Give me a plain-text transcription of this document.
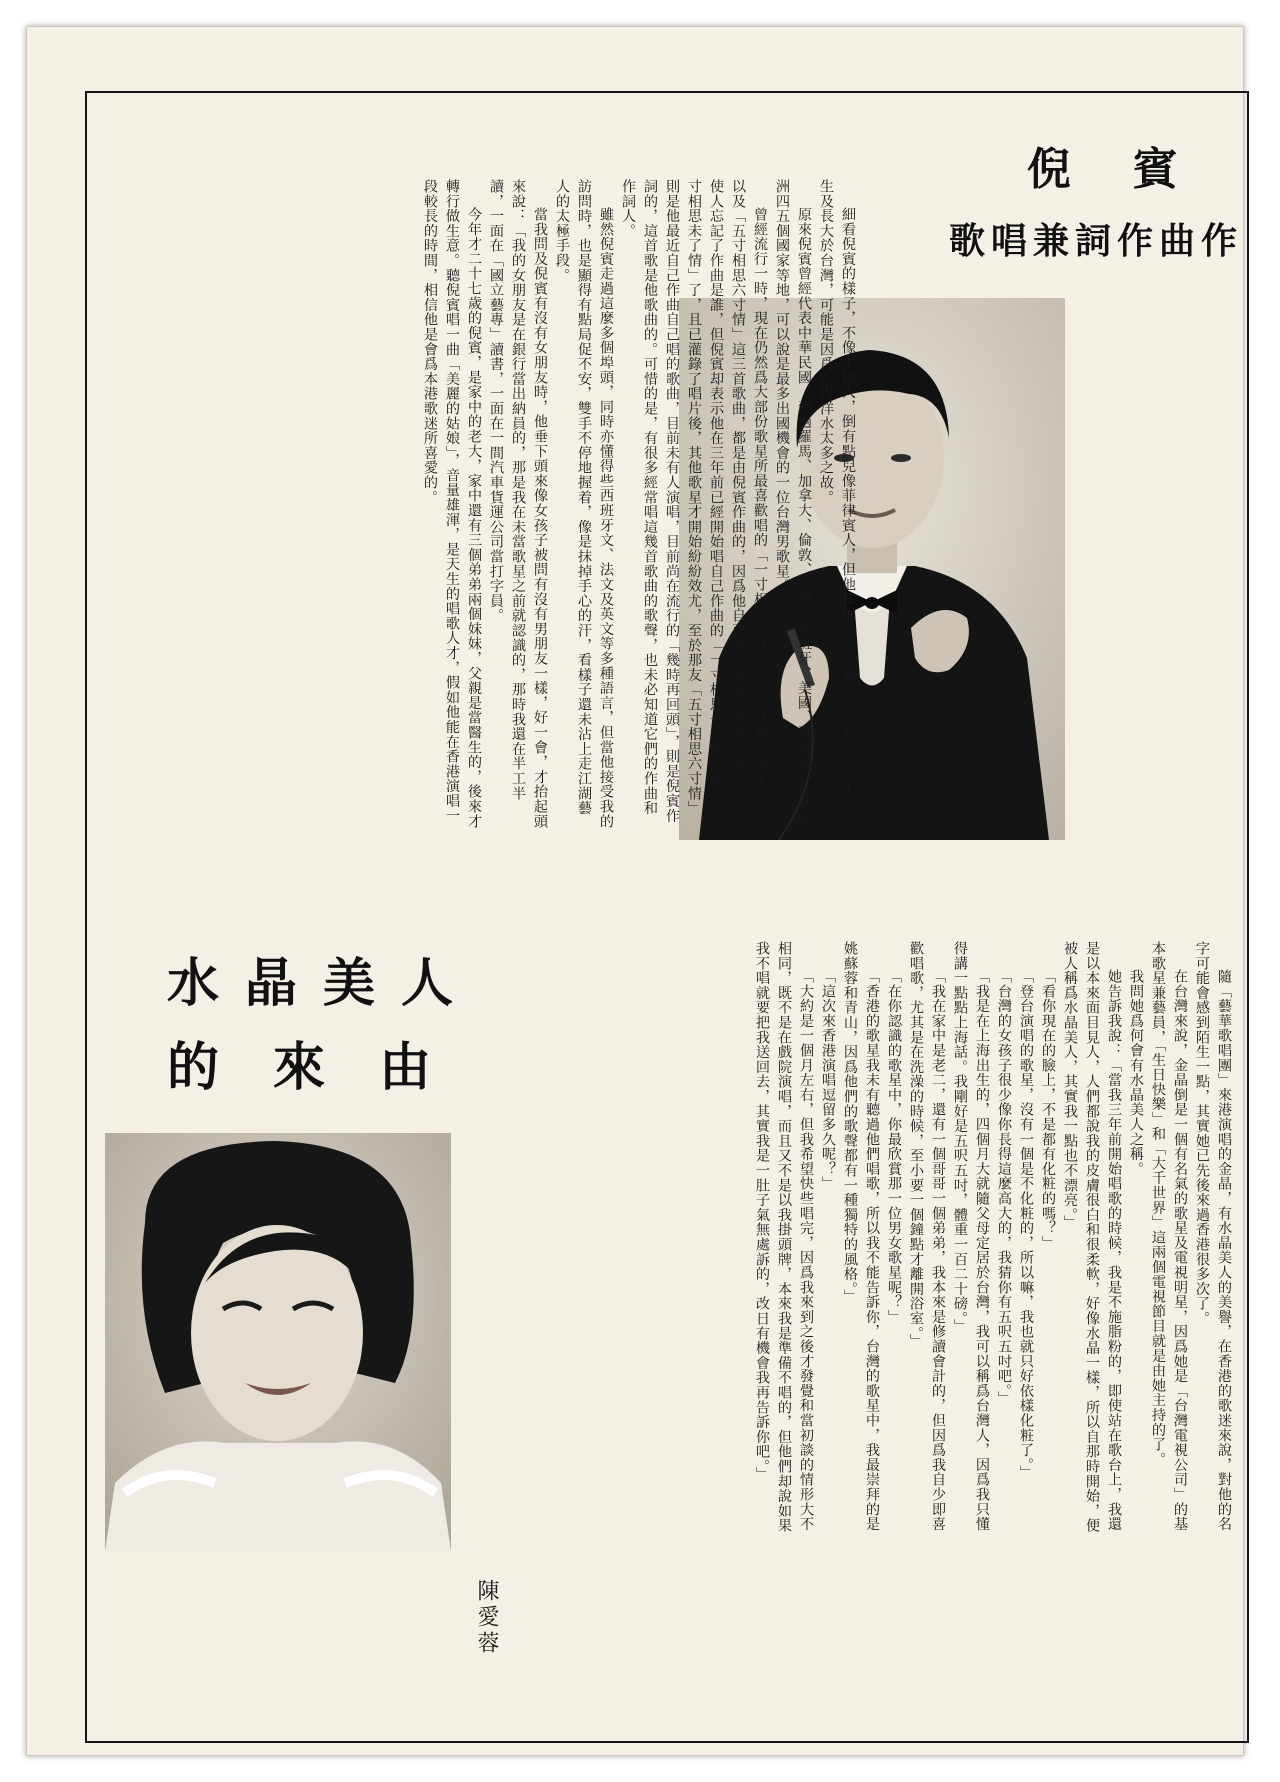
倪賓
歌唱兼詞作曲作

細看倪賓的樣子，不像中國人，倒有點兒像菲律賓人，但他却說自己是個不折不扣的高雄人，出生及長大於台灣，可能是因爲吃得洋水太多之故。

原來倪賓曾經代表中華民國，到過羅馬、加拿大、倫敦、法國、西班牙、美國、夏威夷，以及非洲四五個國家等地，可以說是最多出國機會的一位台灣男歌星。

曾經流行一時，現在仍然爲大部份歌星所最喜歡唱的「一寸相思一寸淚」、「一寸相思未了情」以及「五寸相思六寸情」這三首歌曲，都是由倪賓作曲的，因爲他自已甚少唱這些歌曲之故，以致使人忘記了作曲是誰，但倪賓却表示他在三年前已經開始唱自己作曲的「一寸相思一寸淚」和「一寸相思未了情」了，且已灌錄了唱片後，其他歌星才開始紛紛效尤，至於那友「五寸相思六寸情」則是他最近自己作曲自己唱的歌曲，目前未有人演唱，目前尚在流行的「幾時再回頭」，則是倪賓作詞的，這首歌是他歌曲的。可惜的是，有很多經常唱這幾首歌曲的歌聲，也未必知道它們的作曲和作詞人。

雖然倪賓走過這麼多個埠頭，同時亦懂得些西班牙文、法文及英文等多種語言，但當他接受我的訪問時，也是顯得有點局促不安，雙手不停地握着，像是抹掉手心的汗，看樣子還未沾上走江湖藝人的太極手段。

當我問及倪賓有沒有女朋友時，他垂下頭來像女孩子被問有沒有男朋友一樣，好一會，才抬起頭來說：「我的女朋友是在銀行當出納員的，那是我在未當歌星之前就認識的，那時我還在半工半讀，一面在「國立藝專」讀書，一面在一間汽車貨運公司當打字員。

今年才二十七歲的倪賓，是家中的老大，家中還有三個弟弟兩個妹妹，父親是當醫生的，後來才轉行做生意。聽倪賓唱一曲「美麗的姑娘」，音量雄渾，是天生的唱歌人才，假如他能在香港演唱一段較長的時間，相信他是會爲本港歌迷所喜愛的。

水晶美人
的來由	隨「藝華歌唱團」來港演唱的金晶，有水晶美人的美譽，在香港的歌迷來說，對他的名字可能會感到陌生一點，其實她已先後來過香港很多次了。

在台灣來說，金晶倒是一個有名氣的歌星及電視明星，因爲她是「台灣電視公司」的基本歌星兼藝員，「生日快樂」和「大千世界」這兩個電視節目就是由她主持的了。

我問她爲何會有水晶美人之稱。

她告訴我說：「當我三年前開始唱歌的時候，我是不施脂粉的，即使站在歌台上，我還是以本來面目見人，人們都說我的皮膚很白和很柔軟，好像水晶一樣，所以自那時開始，便被人稱爲水晶美人，其實我一點也不漂亮。」

「看你現在的臉上，不是都有化粧的嗎？」

「登台演唱的歌星，沒有一個是不化粧的，所以嘛，我也就只好依樣化粧了。」

「台灣的女孩子很少像你長得這麼高大的，我猜你有五呎五吋吧。」

「我是在上海出生的，四個月大就隨父母定居於台灣，我可以稱爲台灣人，因爲我只懂得講一點點上海話。我剛好是五呎五吋，體重一百二十磅。」

「我在家中是老二，還有一個哥哥一個弟弟，我本來是修讀會計的，但因爲我自少即喜歡唱歌，尤其是在洗澡的時候，至小要一個鐘點才離開浴室。」

「在你認識的歌星中，你最欣賞那一位男女歌星呢？」

「香港的歌星我未有聽過他們唱歌，所以我不能告訴你，台灣的歌星中，我最崇拜的是姚蘇蓉和青山，因爲他們的歌聲都有一種獨特的風格。」

「這次來香港演唱逗留多久呢？」

「大約是一個月左右，但我希望快些唱完，因爲我來到之後才發覺和當初談的情形大不相同，既不是在戲院演唱，而且又不是以我掛頭牌，本來我是準備不唱的，但他們却說如果我不唱就要把我送回去，其實我是一肚子氣無處訴的，改日有機會我再告訴你吧。」

陳愛蓉
